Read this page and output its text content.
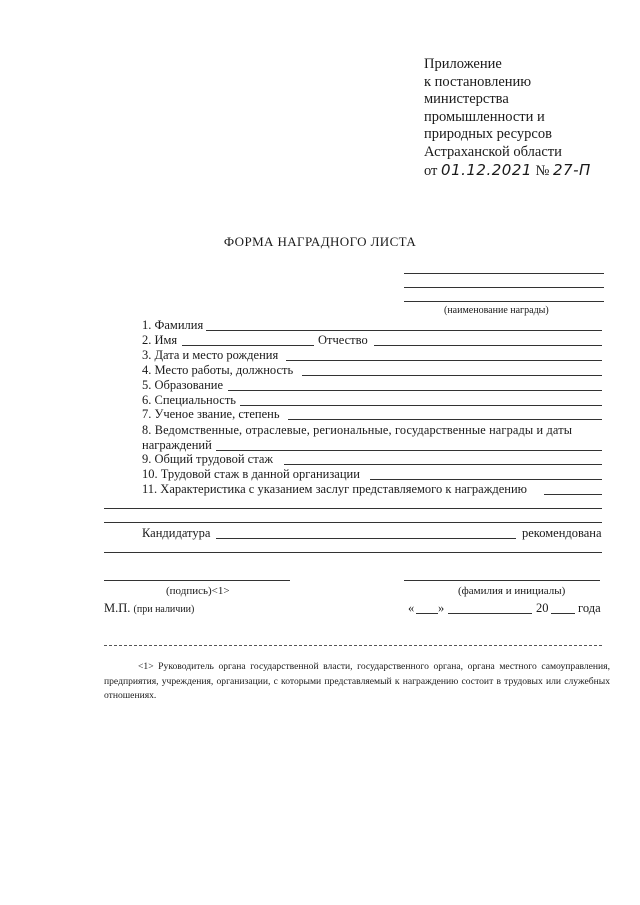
Приложение
к постановлению
министерства
промышленности и
природных ресурсов
Астраханской области
от 01.12.2021 № 27-П
ФОРМА НАГРАДНОГО ЛИСТА
(наименование награды)
1. Фамилия
2. Имя	Отчество
3. Дата и место рождения
4. Место работы, должность
5. Образование
6. Специальность
7. Ученое звание, степень
8. Ведомственные, отраслевые, региональные, государственные награды и даты
награждений
9. Общий трудовой стаж
10. Трудовой стаж в данной организации
11. Характеристика с указанием заслуг представляемого к награждению
Кандидатура	рекомендована
(подпись)<1>	(фамилия и инициалы)
М.П. (при наличии)	« »	20 года
<1> Руководитель органа государственной власти, государственного органа, органа местного самоуправления, предприятия, учреждения, организации, с которыми представляемый к награждению состоит в трудовых или служебных отношениях.
